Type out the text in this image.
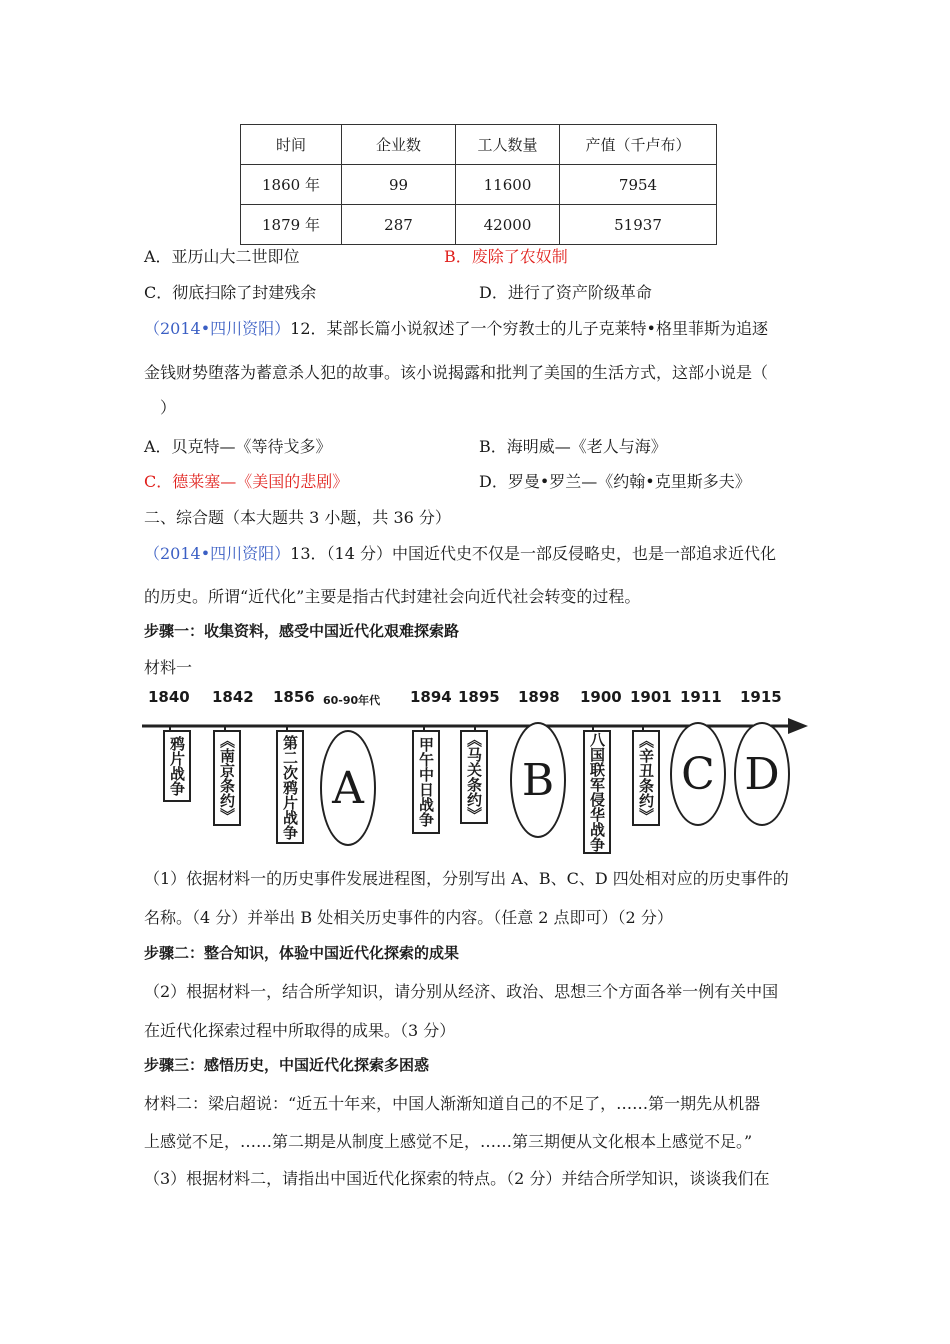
时间	企业数	工人数量	产值（千卢布）
1860 年	99	11600	7954
1879 年	287	42000	51937
A．亚历山大二世即位	B．废除了农奴制
C．彻底扫除了封建残余	D．进行了资产阶级革命
（2014•四川资阳）12．某部长篇小说叙述了一个穷教士的儿子克莱特•格里菲斯为追逐
金钱财势堕落为蓄意杀人犯的故事。该小说揭露和批判了美国的生活方式，这部小说是（
）
A．贝克特—《等待戈多》	B．海明威—《老人与海》
C．德莱塞—《美国的悲剧》	D．罗曼•罗兰—《约翰•克里斯多夫》
二、综合题（本大题共 3 小题，共 36 分）
（2014•四川资阳）13．（14 分）中国近代史不仅是一部反侵略史，也是一部追求近代化
的历史。所谓“近代化”主要是指古代封建社会向近代社会转变的过程。
步骤一：收集资料，感受中国近代化艰难探索路
材料一
1840 1842 1856 60-90年代 1894 1895 1898 1900 1901 1911 1915
鸦片战争	《南京条约》	第二次鸦片战争 A	甲午中日战争	《马关条约》 B	八国联军侵华战争	《辛丑条约》 C D
（1）依据材料一的历史事件发展进程图，分别写出 A、B、C、D 四处相对应的历史事件的
名称。（4 分）并举出 B 处相关历史事件的内容。（任意 2 点即可）（2 分）
步骤二：整合知识，体验中国近代化探索的成果
（2）根据材料一，结合所学知识，请分别从经济、政治、思想三个方面各举一例有关中国
在近代化探索过程中所取得的成果。（3 分）
步骤三：感悟历史，中国近代化探索多困惑
材料二：梁启超说：“近五十年来，中国人渐渐知道自己的不足了，……第一期先从机器
上感觉不足，……第二期是从制度上感觉不足，……第三期便从文化根本上感觉不足。”
（3）根据材料二，请指出中国近代化探索的特点。（2 分）并结合所学知识，谈谈我们在
